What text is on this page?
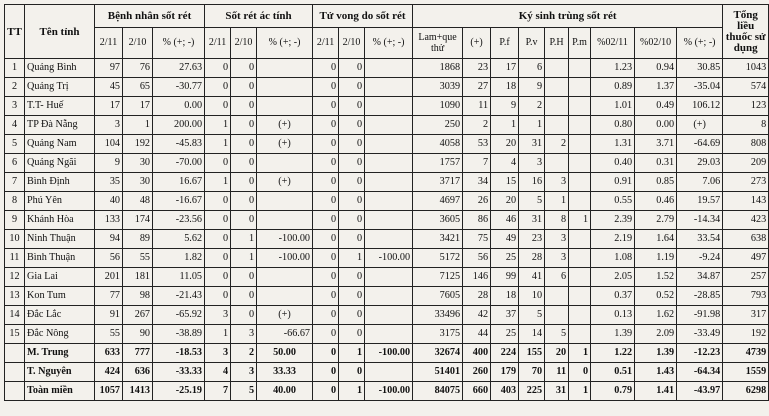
TT	Tên tỉnh	Bệnh nhân sốt rét			Sốt rét ác tính			Tử vong do sốt rét			Ký sinh trùng sốt rét									Tổng liều thuốc sử dụng
		2/11	2/10	% (+; -)	2/11	2/10	% (+; -)	2/11	2/10	% (+; -)	Lam+que thử	(+)	P.f	P.v	P.H	P.m	%02/11	%02/10	% (+; -)	
1	Quảng Bình	97	76	27.63	0	0		0	0		1868	23	17	6			1.23	0.94	30.85	1043
2	Quảng Trị	45	65	-30.77	0	0		0	0		3039	27	18	9			0.89	1.37	-35.04	574
3	T.T- Huế	17	17	0.00	0	0		0	0		1090	11	9	2			1.01	0.49	106.12	123
4	TP Đà Nẵng	3	1	200.00	1	0	(+)	0	0		250	2	1	1			0.80	0.00	(+)	8
5	Quảng Nam	104	192	-45.83	1	0	(+)	0	0		4058	53	20	31	2		1.31	3.71	-64.69	808
6	Quảng Ngãi	9	30	-70.00	0	0		0	0		1757	7	4	3			0.40	0.31	29.03	209
7	Bình Định	35	30	16.67	1	0	(+)	0	0		3717	34	15	16	3		0.91	0.85	7.06	273
8	Phú Yên	40	48	-16.67	0	0		0	0		4697	26	20	5	1		0.55	0.46	19.57	143
9	Khánh Hòa	133	174	-23.56	0	0		0	0		3605	86	46	31	8	1	2.39	2.79	-14.34	423
10	Ninh Thuận	94	89	5.62	0	1	-100.00	0	0		3421	75	49	23	3		2.19	1.64	33.54	638
11	Bình Thuận	56	55	1.82	0	1	-100.00	0	1	-100.00	5172	56	25	28	3		1.08	1.19	-9.24	497
12	Gia Lai	201	181	11.05	0	0		0	0		7125	146	99	41	6		2.05	1.52	34.87	257
13	Kon Tum	77	98	-21.43	0	0		0	0		7605	28	18	10			0.37	0.52	-28.85	793
14	Đắc Lắc	91	267	-65.92	3	0	(+)	0	0		33496	42	37	5			0.13	1.62	-91.98	317
15	Đắc Nông	55	90	-38.89	1	3	-66.67	0	0		3175	44	25	14	5		1.39	2.09	-33.49	192
	M. Trung	633	777	-18.53	3	2	50.00	0	1	-100.00	32674	400	224	155	20	1	1.22	1.39	-12.23	4739
	T. Nguyên	424	636	-33.33	4	3	33.33	0	0		51401	260	179	70	11	0	0.51	1.43	-64.34	1559
	Toàn miền	1057	1413	-25.19	7	5	40.00	0	1	-100.00	84075	660	403	225	31	1	0.79	1.41	-43.97	6298
